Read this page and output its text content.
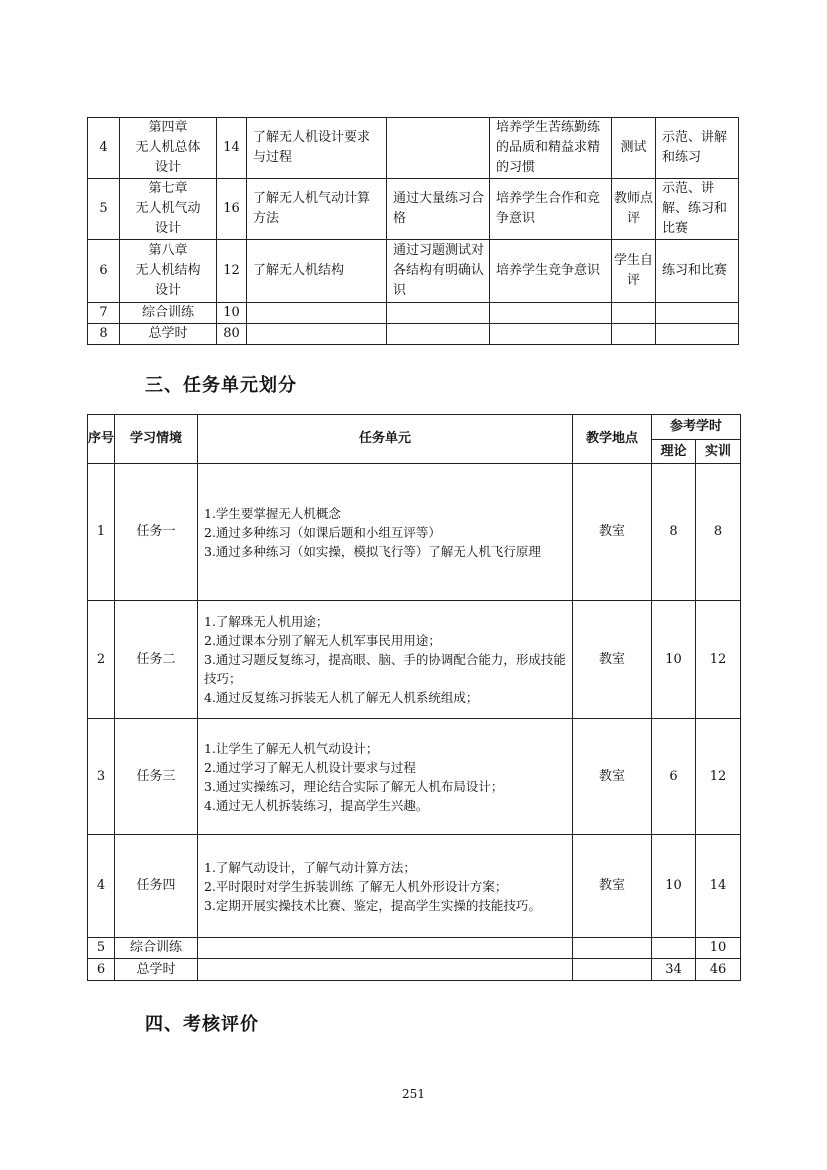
4	第四章
无人机总体
设计	14	了解无人机设计要求与过程		培养学生苦练勤练的品质和精益求精的习惯	测试	示范、讲解和练习
5	第七章
无人机气动
设计	16	了解无人机气动计算方法	通过大量练习合格	培养学生合作和竞争意识	教师点评	示范、讲解、练习和比赛
6	第八章
无人机结构
设计	12	了解无人机结构	通过习题测试对各结构有明确认识	培养学生竞争意识	学生自评	练习和比赛
7	综合训练	10					
8	总学时	80					
三、任务单元划分
序号	学习情境	任务单元	教学地点	参考学时	
				理论	实训
1	任务一	1.学生要掌握无人机概念
2.通过多种练习（如课后题和小组互评等）
3.通过多种练习（如实操，模拟飞行等）了解无人机飞行原理	教室	8	8
2	任务二	1.了解珠无人机用途；
2.通过课本分别了解无人机军事民用用途；
3.通过习题反复练习，提高眼、脑、手的协调配合能力，形成技能技巧；
4.通过反复练习拆装无人机了解无人机系统组成；	教室	10	12
3	任务三	1.让学生了解无人机气动设计；
2.通过学习了解无人机设计要求与过程
3.通过实操练习，理论结合实际了解无人机布局设计；
4.通过无人机拆装练习，提高学生兴趣。	教室	6	12
4	任务四	1.了解气动设计，了解气动计算方法；
2.平时限时对学生拆装训练 了解无人机外形设计方案；
3.定期开展实操技术比赛、鉴定，提高学生实操的技能技巧。	教室	10	14
5	综合训练				10
6	总学时			34	46
四、考核评价
251
